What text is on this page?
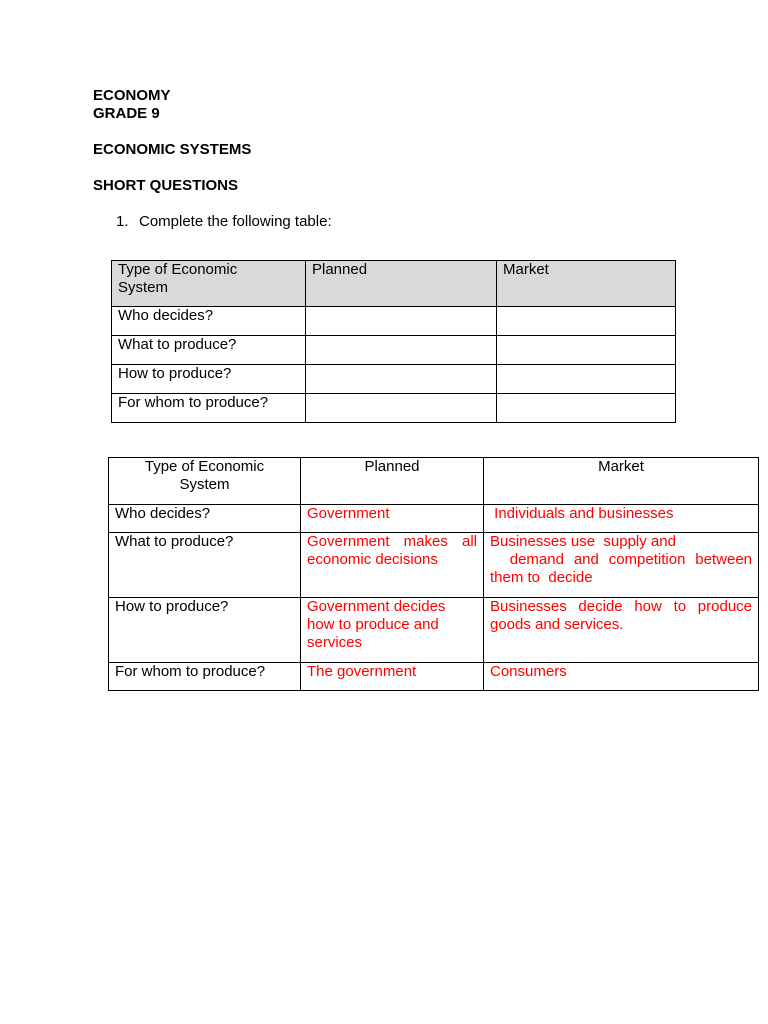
ECONOMY

GRADE 9

ECONOMIC SYSTEMS

SHORT QUESTIONS

1. Complete the following table:

Type of Economic
System	Planned	Market
Who decides?		
What to produce?		
How to produce?		
For whom to produce?		
Type of Economic
System	Planned	Market
Who decides?	Government	Individuals and businesses
What to produce?	Government makes all economic decisions	Businesses use  supply and
demand and competition between them to  decide

How to produce?	Government decides how to produce and services	Businesses decide how to produce goods and services.
For whom to produce?	The government	Consumers
